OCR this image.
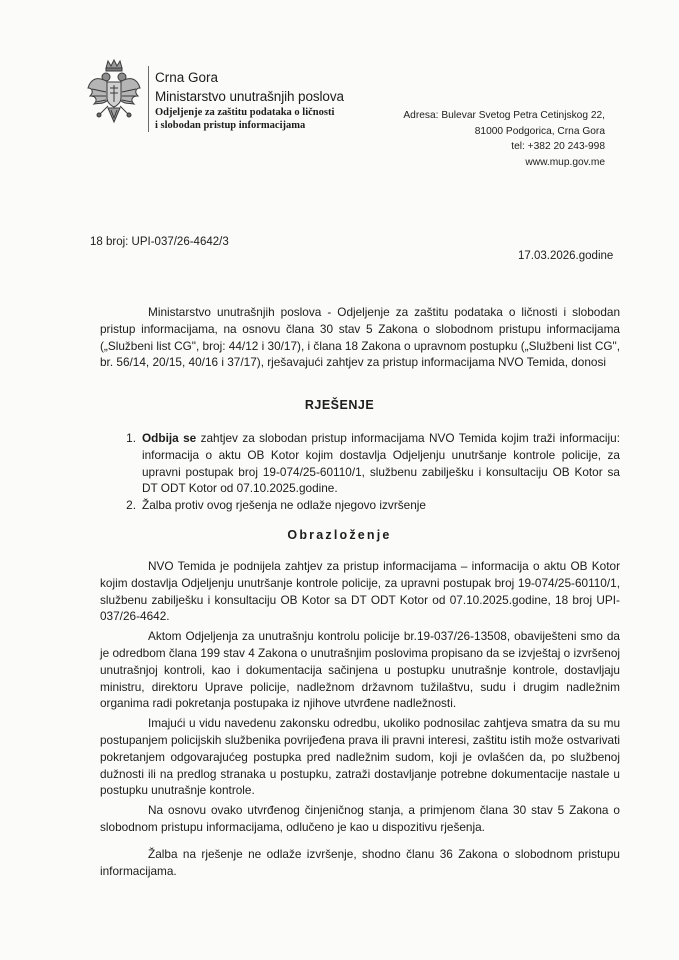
Crna Gora
Ministarstvo unutrašnjih poslova
Odjeljenje za zaštitu podataka o ličnosti
i slobodan pristup informacijama
Adresa: Bulevar Svetog Petra Cetinjskog 22,
81000 Podgorica, Crna Gora
tel: +382 20 243-998
www.mup.gov.me
18 broj: UPI-037/26-4642/3
17.03.2026.godine

Ministarstvo unutrašnjih poslova - Odjeljenje za zaštitu podataka o ličnosti i slobodan pristup informacijama, na osnovu člana 30 stav 5 Zakona o slobodnom pristupu informacijama („Službeni list CG", broj: 44/12 i 30/17), i člana 18 Zakona o upravnom postupku („Službeni list CG", br. 56/14, 20/15, 40/16 i 37/17), rješavajući zahtjev za pristup informacijama NVO Temida, donosi

RJEŠENJE
1. Odbija se zahtjev za slobodan pristup informacijama NVO Temida kojim traži informaciju: informacija o aktu OB Kotor kojim dostavlja Odjeljenju unutršanje kontrole policije, za upravni postupak broj 19-074/25-60110/1, službenu zabilješku i konsultaciju OB Kotor sa DT ODT Kotor od 07.10.2025.godine.
2. Žalba protiv ovog rješenja ne odlaže njegovo izvršenje
Obrazloženje

NVO Temida je podnijela zahtjev za pristup informacijama – informacija o aktu OB Kotor kojim dostavlja Odjeljenju unutršanje kontrole policije, za upravni postupak broj 19-074/25-60110/1, službenu zabilješku i konsultaciju OB Kotor sa DT ODT Kotor od 07.10.2025.godine, 18 broj UPI-037/26-4642.

Aktom Odjeljenja za unutrašnju kontrolu policije br.19-037/26-13508, obaviješteni smo da je odredbom člana 199 stav 4 Zakona o unutrašnjim poslovima propisano da se izvještaj o izvršenoj unutrašnjoj kontroli, kao i dokumentacija sačinjena u postupku unutrašnje kontrole, dostavljaju ministru, direktoru Uprave policije, nadležnom državnom tužilaštvu, sudu i drugim nadležnim organima radi pokretanja postupaka iz njihove utvrđene nadležnosti.

Imajući u vidu navedenu zakonsku odredbu, ukoliko podnosilac zahtjeva smatra da su mu postupanjem policijskih službenika povrijeđena prava ili pravni interesi, zaštitu istih može ostvarivati pokretanjem odgovarajućeg postupka pred nadležnim sudom, koji je ovlašćen da, po službenoj dužnosti ili na predlog stranaka u postupku, zatraži dostavljanje potrebne dokumentacije nastale u postupku unutrašnje kontrole.

Na osnovu ovako utvrđenog činjeničnog stanja, a primjenom člana 30 stav 5 Zakona o slobodnom pristupu informacijama, odlučeno je kao u dispozitivu rješenja.

Žalba na rješenje ne odlaže izvršenje, shodno članu 36 Zakona o slobodnom pristupu informacijama.
